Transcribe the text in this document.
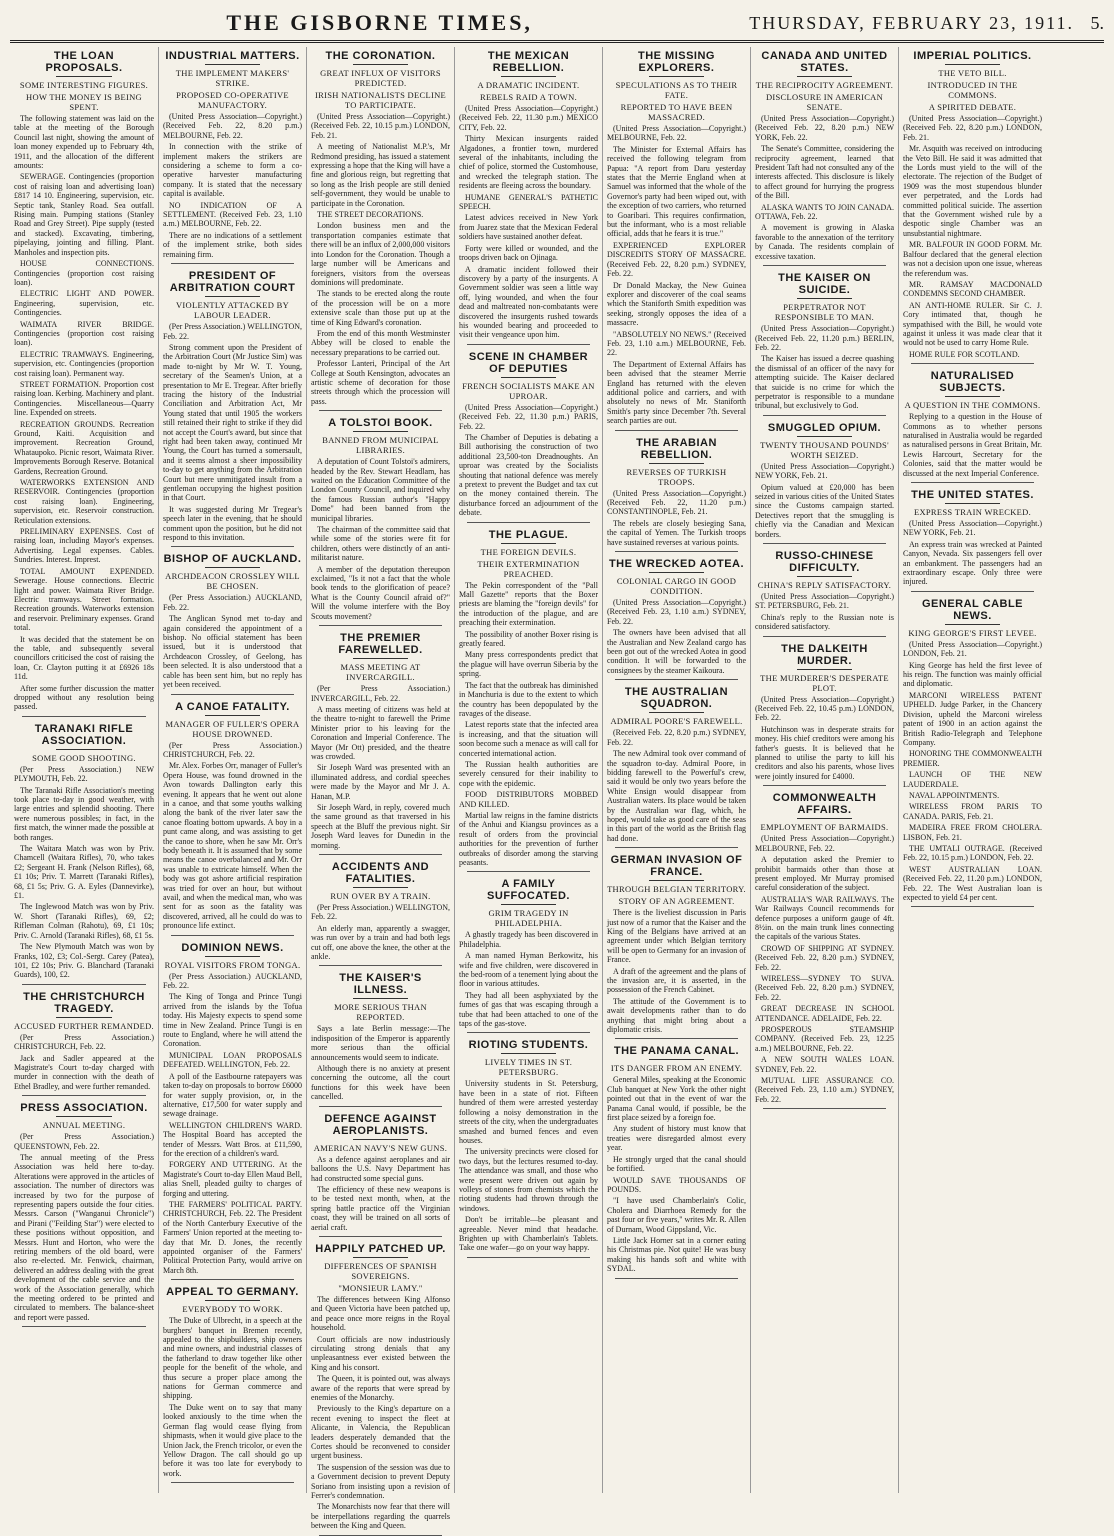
THE GISBORNE TIMES,	THURSDAY, FEBRUARY 23, 1911. 5.
THE LOAN PROPOSALS.
SOME INTERESTING FIGURES.
HOW THE MONEY IS BEING SPENT.

The following statement was laid on the table at the meeting of the Borough Council last night, showing the amount of loan money expended up to February 4th, 1911, and the allocation of the different amounts:

SEWERAGE. Contingencies (proportion cost of raising loan and advertising loan) £817 14 10. Engineering, supervision, etc. Septic tank, Stanley Road. Sea outfall. Rising main. Pumping stations (Stanley Road and Grey Street). Pipe supply (tested and stacked). Excavating, timbering, pipelaying, jointing and filling. Plant. Manholes and inspection pits.

HOUSE CONNECTIONS. Contingencies (proportion cost raising loan).

ELECTRIC LIGHT AND POWER. Engineering, supervision, etc. Contingencies.

WAIMATA RIVER BRIDGE. Contingencies (proportion cost raising loan).

ELECTRIC TRAMWAYS. Engineering, supervision, etc. Contingencies (proportion cost raising loan). Permanent way.

STREET FORMATION. Proportion cost raising loan. Kerbing. Machinery and plant. Contingencies. Miscellaneous—Quarry line. Expended on streets.

RECREATION GROUNDS. Recreation Ground, Kaiti. Acquisition and improvement. Recreation Ground, Whataupoko. Picnic resort, Waimata River. Improvements Borough Reserve. Botanical Gardens, Recreation Ground.

WATERWORKS EXTENSION AND RESERVOIR. Contingencies (proportion cost raising loan). Engineering, supervision, etc. Reservoir construction. Reticulation extensions.

PRELIMINARY EXPENSES. Cost of raising loan, including Mayor's expenses. Advertising. Legal expenses. Cables. Sundries. Interest. Imprest.

TOTAL AMOUNT EXPENDED. Sewerage. House connections. Electric light and power. Waimata River Bridge. Electric tramways. Street formation. Recreation grounds. Waterworks extension and reservoir. Preliminary expenses. Grand total.

It was decided that the statement be on the table, and subsequently several councillors criticised the cost of raising the loan, Cr. Clayton putting it at £6926 18s 11d.

After some further discussion the matter dropped without any resolution being passed.

TARANAKI RIFLE ASSOCIATION.
SOME GOOD SHOOTING.

(Per Press Association.) NEW PLYMOUTH, Feb. 22.

The Taranaki Rifle Association's meeting took place to-day in good weather, with large entries and splendid shooting. There were numerous possibles; in fact, in the first match, the winner made the possible at both ranges.

The Waitara Match was won by Priv. Chamcell (Waitara Rifles), 70, who takes £2; Sergeant H. Frank (Nelson Rifles), 68, £1 10s; Priv. T. Marrett (Taranaki Rifles), 68, £1 5s; Priv. G. A. Eyles (Dannevirke), £1.

The Inglewood Match was won by Priv. W. Short (Taranaki Rifles), 69, £2; Rifleman Colman (Rahotu), 69, £1 10s; Priv. C. Arnold (Taranaki Rifles), 68, £1 5s.

The New Plymouth Match was won by Franks, 102, £3; Col.-Sergt. Carey (Patea), 101, £2 10s; Priv. G. Blanchard (Taranaki Guards), 100, £2.

THE CHRISTCHURCH TRAGEDY.
ACCUSED FURTHER REMANDED.

(Per Press Association.) CHRISTCHURCH, Feb. 22.

Jack and Sadler appeared at the Magistrate's Court to-day charged with murder in connection with the death of Ethel Bradley, and were further remanded.

PRESS ASSOCIATION.
ANNUAL MEETING.

(Per Press Association.) QUEENSTOWN, Feb. 22.

The annual meeting of the Press Association was held here to-day. Alterations were approved in the articles of association. The number of directors was increased by two for the purpose of representing papers outside the four cities. Messrs. Carson ("Wanganui Chronicle") and Pirani ("Feilding Star") were elected to these positions without opposition, and Messrs. Hunt and Horton, who were the retiring members of the old board, were also re-elected. Mr. Fenwick, chairman, delivered an address dealing with the great development of the cable service and the work of the Association generally, which the meeting ordered to be printed and circulated to members. The balance-sheet and report were passed.

INDUSTRIAL MATTERS.
THE IMPLEMENT MAKERS' STRIKE.
PROPOSED CO-OPERATIVE MANUFACTORY.

(United Press Association—Copyright.) (Received Feb. 22, 8.20 p.m.) MELBOURNE, Feb. 22.

In connection with the strike of implement makers the strikers are considering a scheme to form a co-operative harvester manufacturing company. It is stated that the necessary capital is available.

NO INDICATION OF A SETTLEMENT. (Received Feb. 23, 1.10 a.m.) MELBOURNE, Feb. 22.

There are no indications of a settlement of the implement strike, both sides remaining firm.

PRESIDENT OF ARBITRATION COURT
VIOLENTLY ATTACKED BY LABOUR LEADER.

(Per Press Association.) WELLINGTON, Feb. 22.

Strong comment upon the President of the Arbitration Court (Mr Justice Sim) was made to-night by Mr W. T. Young, secretary of the Seamen's Union, at a presentation to Mr E. Tregear. After briefly tracing the history of the Industrial Conciliation and Arbitration Act, Mr Young stated that until 1905 the workers still retained their right to strike if they did not accept the Court's award, but since that right had been taken away, continued Mr Young, the Court has turned a somersault, and it seems almost a sheer impossibility to-day to get anything from the Arbitration Court but mere unmitigated insult from a gentleman occupying the highest position in that Court.

It was suggested during Mr Tregear's speech later in the evening, that he should comment upon the position, but he did not respond to this invitation.

BISHOP OF AUCKLAND.
ARCHDEACON CROSSLEY WILL BE CHOSEN.

(Per Press Association.) AUCKLAND, Feb. 22.

The Anglican Synod met to-day and again considered the appointment of a bishop. No official statement has been issued, but it is understood that Archdeacon Crossley, of Geelong, has been selected. It is also understood that a cable has been sent him, but no reply has yet been received.

A CANOE FATALITY.
MANAGER OF FULLER'S OPERA HOUSE DROWNED.

(Per Press Association.) CHRISTCHURCH, Feb. 22.

Mr. Alex. Forbes Orr, manager of Fuller's Opera House, was found drowned in the Avon towards Dallington early this evening. It appears that he went out alone in a canoe, and that some youths walking along the bank of the river later saw the canoe floating bottom upwards. A boy in a punt came along, and was assisting to get the canoe to shore, when he saw Mr. Orr's body beneath it. It is assumed that by some means the canoe overbalanced and Mr. Orr was unable to extricate himself. When the body was got ashore artificial respiration was tried for over an hour, but without avail, and when the medical man, who was sent for as soon as the fatality was discovered, arrived, all he could do was to pronounce life extinct.

DOMINION NEWS.
ROYAL VISITORS FROM TONGA.

(Per Press Association.) AUCKLAND, Feb. 22.

The King of Tonga and Prince Tungi arrived from the islands by the Tofua today. His Majesty expects to spend some time in New Zealand. Prince Tungi is en route to England, where he will attend the Coronation.

MUNICIPAL LOAN PROPOSALS DEFEATED. WELLINGTON, Feb. 22.

A poll of the Eastbourne ratepayers was taken to-day on proposals to borrow £6000 for water supply provision, or, in the alternative, £17,500 for water supply and sewage drainage.

WELLINGTON CHILDREN'S WARD. The Hospital Board has accepted the tender of Messrs. Watt Bros. at £11,590, for the erection of a children's ward.

FORGERY AND UTTERING. At the Magistrate's Court to-day Ellen Maud Bell, alias Snell, pleaded guilty to charges of forging and uttering.

THE FARMERS' POLITICAL PARTY. CHRISTCHURCH, Feb. 22. The President of the North Canterbury Executive of the Farmers' Union reported at the meeting to-day that Mr. D. Jones, the recently appointed organiser of the Farmers' Political Protection Party, would arrive on March 8th.

APPEAL TO GERMANY.
EVERYBODY TO WORK.

The Duke of Ulbrecht, in a speech at the burghers' banquet in Bremen recently, appealed to the shipbuilders, ship owners and mine owners, and industrial classes of the fatherland to draw together like other people for the benefit of the whole, and thus secure a proper place among the nations for German commerce and shipping.

The Duke went on to say that many looked anxiously to the time when the German flag would cease flying from shipmasts, when it would give place to the Union Jack, the French tricolor, or even the Yellow Dragon. The call should go up before it was too late for everybody to work.

THE CORONATION.
GREAT INFLUX OF VISITORS PREDICTED.
IRISH NATIONALISTS DECLINE TO PARTICIPATE.

(United Press Association—Copyright.) (Received Feb. 22, 10.15 p.m.) LONDON, Feb. 21.

A meeting of Nationalist M.P.'s, Mr Redmond presiding, has issued a statement expressing a hope that the King will have a fine and glorious reign, but regretting that so long as the Irish people are still denied self-government, they would be unable to participate in the Coronation.

THE STREET DECORATIONS.

London business men and the transportation companies estimate that there will be an influx of 2,000,000 visitors into London for the Coronation. Though a large number will be Americans and foreigners, visitors from the overseas dominions will predominate.

The stands to be erected along the route of the procession will be on a more extensive scale than those put up at the time of King Edward's coronation.

From the end of this month Westminster Abbey will be closed to enable the necessary preparations to be carried out.

Professor Lanteri, Principal of the Art College at South Kensington, advocates an artistic scheme of decoration for those streets through which the procession will pass.

A TOLSTOI BOOK.
BANNED FROM MUNICIPAL LIBRARIES.

A deputation of Count Tolstoi's admirers, headed by the Rev. Stewart Headlam, has waited on the Education Committee of the London County Council, and inquired why the famous Russian author's "Happy Dome" had been banned from the municipal libraries.

The chairman of the committee said that while some of the stories were fit for children, others were distinctly of an anti-militarist nature.

A member of the deputation thereupon exclaimed, "Is it not a fact that the whole book tends to the glorification of peace? What is the County Council afraid of?" Will the volume interfere with the Boy Scouts movement?

THE PREMIER FAREWELLED.
MASS MEETING AT INVERCARGILL.

(Per Press Association.) INVERCARGILL, Feb. 22.

A mass meeting of citizens was held at the theatre to-night to farewell the Prime Minister prior to his leaving for the Coronation and Imperial Conference. The Mayor (Mr Ott) presided, and the theatre was crowded.

Sir Joseph Ward was presented with an illuminated address, and cordial speeches were made by the Mayor and Mr J. A. Hanan, M.P.

Sir Joseph Ward, in reply, covered much the same ground as that traversed in his speech at the Bluff the previous night. Sir Joseph Ward leaves for Dunedin in the morning.

ACCIDENTS AND FATALITIES.
RUN OVER BY A TRAIN.

(Per Press Association.) WELLINGTON, Feb. 22.

An elderly man, apparently a swagger, was run over by a train and had both legs cut off, one above the knee, the other at the ankle.

THE KAISER'S ILLNESS.
MORE SERIOUS THAN REPORTED.

Says a late Berlin message:—The indisposition of the Emperor is apparently more serious than the official announcements would seem to indicate.

Although there is no anxiety at present concerning the outcome, all the court functions for this week have been cancelled.

DEFENCE AGAINST AEROPLANISTS.
AMERICAN NAVY'S NEW GUNS.

As a defence against aeroplanes and air balloons the U.S. Navy Department has had constructed some special guns.

The efficiency of these new weapons is to be tested next month, when, at the spring battle practice off the Virginian coast, they will be trained on all sorts of aerial craft.

HAPPILY PATCHED UP.
DIFFERENCES OF SPANISH SOVEREIGNS.
"MONSIEUR LAMY."

The differences between King Alfonso and Queen Victoria have been patched up, and peace once more reigns in the Royal household.

Court officials are now industriously circulating strong denials that any unpleasantness ever existed between the King and his consort.

The Queen, it is pointed out, was always aware of the reports that were spread by enemies of the Monarchy.

Previously to the King's departure on a recent evening to inspect the fleet at Alicante, in Valencia, the Republican leaders desperately demanded that the Cortes should be reconvened to consider urgent business.

The suspension of the session was due to a Government decision to prevent Deputy Soriano from insisting upon a revision of Ferrer's condemnation.

The Monarchists now fear that there will be interpellations regarding the quarrels between the King and Queen.

THE MEXICAN REBELLION.
A DRAMATIC INCIDENT.
REBELS RAID A TOWN.

(United Press Association—Copyright.) (Received Feb. 22, 11.30 p.m.) MEXICO CITY, Feb. 22.

Thirty Mexican insurgents raided Algadones, a frontier town, murdered several of the inhabitants, including the chief of police, stormed the Customhouse, and wrecked the telegraph station. The residents are fleeing across the boundary.

HUMANE GENERAL'S PATHETIC SPEECH.

Latest advices received in New York from Juarez state that the Mexican Federal soldiers have sustained another defeat.

Forty were killed or wounded, and the troops driven back on Ojinaga.

A dramatic incident followed their discovery by a party of the insurgents. A Government soldier was seen a little way off, lying wounded, and when the four dead and maltreated non-combatants were discovered the insurgents rushed towards his wounded bearing and proceeded to visit their vengeance upon him.

SCENE IN CHAMBER OF DEPUTIES
FRENCH SOCIALISTS MAKE AN UPROAR.

(United Press Association—Copyright.) (Received Feb. 22, 11.30 p.m.) PARIS, Feb. 22.

The Chamber of Deputies is debating a Bill authorising the construction of two additional 23,500-ton Dreadnoughts. An uproar was created by the Socialists shouting that national defence was merely a pretext to prevent the Budget and tax cut on the money contained therein. The disturbance forced an adjournment of the debate.

THE PLAGUE.
THE FOREIGN DEVILS.
THEIR EXTERMINATION PREACHED.

The Pekin correspondent of the "Pall Mall Gazette" reports that the Boxer priests are blaming the "foreign devils" for the introduction of the plague, and are preaching their extermination.

The possibility of another Boxer rising is greatly feared.

Many press correspondents predict that the plague will have overrun Siberia by the spring.

The fact that the outbreak has diminished in Manchuria is due to the extent to which the country has been depopulated by the ravages of the disease.

Latest reports state that the infected area is increasing, and that the situation will soon become such a menace as will call for concerted international action.

The Russian health authorities are severely censured for their inability to cope with the epidemic.

FOOD DISTRIBUTORS MOBBED AND KILLED.

Martial law reigns in the famine districts of the Anhui and Kiangsu provinces as a result of orders from the provincial authorities for the prevention of further outbreaks of disorder among the starving peasants.

A FAMILY SUFFOCATED.
GRIM TRAGEDY IN PHILADELPHIA.

A ghastly tragedy has been discovered in Philadelphia.

A man named Hyman Berkowitz, his wife and five children, were discovered in the bed-room of a tenement lying about the floor in various attitudes.

They had all been asphyxiated by the fumes of gas that was escaping through a tube that had been attached to one of the taps of the gas-stove.

RIOTING STUDENTS.
LIVELY TIMES IN ST. PETERSBURG.

University students in St. Petersburg, have been in a state of riot. Fifteen hundred of them were arrested yesterday following a noisy demonstration in the streets of the city, when the undergraduates smashed and burned fences and even houses.

The university precincts were closed for two days, but the lectures resumed to-day. The attendance was small, and those who were present were driven out again by volleys of stones from chemists which the rioting students had thrown through the windows.

Don't be irritable—be pleasant and agreeable. Never mind that headache. Brighten up with Chamberlain's Tablets. Take one wafer—go on your way happy.

THE MISSING EXPLORERS.
SPECULATIONS AS TO THEIR FATE.
REPORTED TO HAVE BEEN MASSACRED.

(United Press Association—Copyright.) MELBOURNE, Feb. 22.

The Minister for External Affairs has received the following telegram from Papua: "A report from Daru yesterday states that the Merrie England when at Samuel was informed that the whole of the Governor's party had been wiped out, with the exception of two carriers, who returned to Goaribari. This requires confirmation, but the informant, who is a most reliable official, adds that he fears it is true."

EXPERIENCED EXPLORER DISCREDITS STORY OF MASSACRE. (Received Feb. 22, 8.20 p.m.) SYDNEY, Feb. 22.

Dr Donald Mackay, the New Guinea explorer and discoverer of the coal seams which the Staniforth Smith expedition was seeking, strongly opposes the idea of a massacre.

"ABSOLUTELY NO NEWS." (Received Feb. 23, 1.10 a.m.) MELBOURNE, Feb. 22.

The Department of External Affairs has been advised that the steamer Merrie England has returned with the eleven additional police and carriers, and with absolutely no news of Mr. Staniforth Smith's party since December 7th. Several search parties are out.

THE ARABIAN REBELLION.
REVERSES OF TURKISH TROOPS.

(United Press Association—Copyright.) (Received Feb. 22, 11.20 p.m.) CONSTANTINOPLE, Feb. 21.

The rebels are closely besieging Sana, the capital of Yemen. The Turkish troops have sustained reverses at various points.

THE WRECKED AOTEA.
COLONIAL CARGO IN GOOD CONDITION.

(United Press Association—Copyright.) (Received Feb. 23, 1.10 a.m.) SYDNEY, Feb. 22.

The owners have been advised that all the Australian and New Zealand cargo has been got out of the wrecked Aotea in good condition. It will be forwarded to the consignees by the steamer Kaikoura.

THE AUSTRALIAN SQUADRON.
ADMIRAL POORE'S FAREWELL.

(Received Feb. 22, 8.20 p.m.) SYDNEY, Feb. 22.

The new Admiral took over command of the squadron to-day. Admiral Poore, in bidding farewell to the Powerful's crew, said it would be only two years before the White Ensign would disappear from Australian waters. Its place would be taken by the Australian war flag, which, he hoped, would take as good care of the seas in this part of the world as the British flag had done.

GERMAN INVASION OF FRANCE.
THROUGH BELGIAN TERRITORY.
STORY OF AN AGREEMENT.

There is the liveliest discussion in Paris just now of a rumor that the Kaiser and the King of the Belgians have arrived at an agreement under which Belgian territory will be open to Germany for an invasion of France.

A draft of the agreement and the plans of the invasion are, it is asserted, in the possession of the French Cabinet.

The attitude of the Government is to await developments rather than to do anything that might bring about a diplomatic crisis.

THE PANAMA CANAL.
ITS DANGER FROM AN ENEMY.

General Miles, speaking at the Economic Club banquet at New York the other night pointed out that in the event of war the Panama Canal would, if possible, be the first place seized by a foreign foe.

Any student of history must know that treaties were disregarded almost every year.

He strongly urged that the canal should be fortified.

WOULD SAVE THOUSANDS OF POUNDS.

"I have used Chamberlain's Colic, Cholera and Diarrhoea Remedy for the past four or five years," writes Mr. R. Allen of Durnam, Wood Gippsland, Vic.

Little Jack Horner sat in a corner eating his Christmas pie. Not quite! He was busy making his hands soft and white with SYDAL.

CANADA AND UNITED STATES.
THE RECIPROCITY AGREEMENT.
DISCLOSURE IN AMERICAN SENATE.

(United Press Association—Copyright.) (Received Feb. 22, 8.20 p.m.) NEW YORK, Feb. 22.

The Senate's Committee, considering the reciprocity agreement, learned that President Taft had not consulted any of the interests affected. This disclosure is likely to affect ground for hurrying the progress of the Bill.

ALASKA WANTS TO JOIN CANADA. OTTAWA, Feb. 22.

A movement is growing in Alaska favorable to the annexation of the territory by Canada. The residents complain of excessive taxation.

THE KAISER ON SUICIDE.
PERPETRATOR NOT RESPONSIBLE TO MAN.

(United Press Association—Copyright.) (Received Feb. 22, 11.20 p.m.) BERLIN, Feb. 22.

The Kaiser has issued a decree quashing the dismissal of an officer of the navy for attempting suicide. The Kaiser declared that suicide is no crime for which the perpetrator is responsible to a mundane tribunal, but exclusively to God.

SMUGGLED OPIUM.
TWENTY THOUSAND POUNDS' WORTH SEIZED.

(United Press Association—Copyright.) NEW YORK, Feb. 21.

Opium valued at £20,000 has been seized in various cities of the United States since the Customs campaign started. Detectives report that the smuggling is chiefly via the Canadian and Mexican borders.

RUSSO-CHINESE DIFFICULTY.
CHINA'S REPLY SATISFACTORY.

(United Press Association—Copyright.) ST. PETERSBURG, Feb. 21.

China's reply to the Russian note is considered satisfactory.

THE DALKEITH MURDER.
THE MURDERER'S DESPERATE PLOT.

(United Press Association—Copyright.) (Received Feb. 22, 10.45 p.m.) LONDON, Feb. 22.

Hutchinson was in desperate straits for money. His chief creditors were among his father's guests. It is believed that he planned to utilise the party to kill his creditors and also his parents, whose lives were jointly insured for £4000.

COMMONWEALTH AFFAIRS.
EMPLOYMENT OF BARMAIDS.

(United Press Association—Copyright.) MELBOURNE, Feb. 22.

A deputation asked the Premier to prohibit barmaids other than those at present employed. Mr Murray promised careful consideration of the subject.

AUSTRALIA'S WAR RAILWAYS. The War Railways Council recommends for defence purposes a uniform gauge of 4ft. 8½in. on the main trunk lines connecting the capitals of the various States.

CROWD OF SHIPPING AT SYDNEY. (Received Feb. 22, 8.20 p.m.) SYDNEY, Feb. 22.

WIRELESS—SYDNEY TO SUVA. (Received Feb. 22, 8.20 p.m.) SYDNEY, Feb. 22.

GREAT DECREASE IN SCHOOL ATTENDANCE. ADELAIDE, Feb. 22.

PROSPEROUS STEAMSHIP COMPANY. (Received Feb. 23, 12.25 a.m.) MELBOURNE, Feb. 22.

A NEW SOUTH WALES LOAN. SYDNEY, Feb. 22.

MUTUAL LIFE ASSURANCE CO. (Received Feb. 23, 1.10 a.m.) SYDNEY, Feb. 22.

IMPERIAL POLITICS.
THE VETO BILL.
INTRODUCED IN THE COMMONS.
A SPIRITED DEBATE.

(United Press Association—Copyright.) (Received Feb. 22, 8.20 p.m.) LONDON, Feb. 21.

Mr. Asquith was received on introducing the Veto Bill. He said it was admitted that the Lords must yield to the will of the electorate. The rejection of the Budget of 1909 was the most stupendous blunder ever perpetrated, and the Lords had committed political suicide. The assertion that the Government wished rule by a despotic single Chamber was an unsubstantial nightmare.

MR. BALFOUR IN GOOD FORM. Mr. Balfour declared that the general election was not a decision upon one issue, whereas the referendum was.

MR. RAMSAY MACDONALD CONDEMNS SECOND CHAMBER.

AN ANTI-HOME RULER. Sir C. J. Cory intimated that, though he sympathised with the Bill, he would vote against it unless it was made clear that it would not be used to carry Home Rule.

HOME RULE FOR SCOTLAND.

NATURALISED SUBJECTS.
A QUESTION IN THE COMMONS.

Replying to a question in the House of Commons as to whether persons naturalised in Australia would be regarded as naturalised persons in Great Britain, Mr. Lewis Harcourt, Secretary for the Colonies, said that the matter would be discussed at the next Imperial Conference.

THE UNITED STATES.
EXPRESS TRAIN WRECKED.

(United Press Association—Copyright.) NEW YORK, Feb. 21.

An express train was wrecked at Painted Canyon, Nevada. Six passengers fell over an embankment. The passengers had an extraordinary escape. Only three were injured.

GENERAL CABLE NEWS.
KING GEORGE'S FIRST LEVEE.

(United Press Association—Copyright.) LONDON, Feb. 21.

King George has held the first levee of his reign. The function was mainly official and diplomatic.

MARCONI WIRELESS PATENT UPHELD. Judge Parker, in the Chancery Division, upheld the Marconi wireless patent of 1900 in an action against the British Radio-Telegraph and Telephone Company.

HONORING THE COMMONWEALTH PREMIER.

LAUNCH OF THE NEW LAUDERDALE.

NAVAL APPOINTMENTS.

WIRELESS FROM PARIS TO CANADA. PARIS, Feb. 21.

MADEIRA FREE FROM CHOLERA. LISBON, Feb. 21.

THE UMTALI OUTRAGE. (Received Feb. 22, 10.15 p.m.) LONDON, Feb. 22.

WEST AUSTRALIAN LOAN. (Received Feb. 22, 11.20 p.m.) LONDON, Feb. 22. The West Australian loan is expected to yield £4 per cent.
